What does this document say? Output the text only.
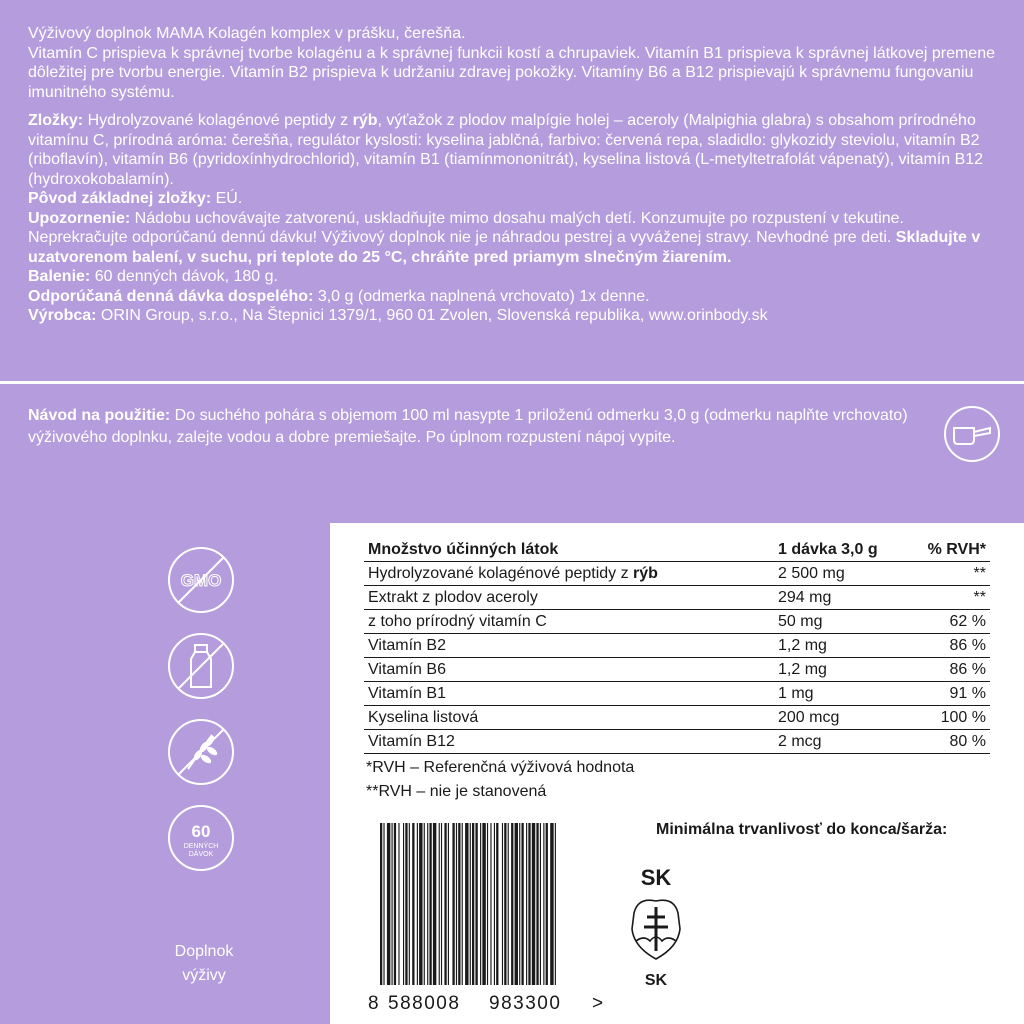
Výživový doplnok MAMA Kolagén komplex v prášku, čerešňa.
Vitamín C prispieva k správnej tvorbe kolagénu a k správnej funkcii kostí a chrupaviek. Vitamín B1 prispieva k správnej látkovej premene dôležitej pre tvorbu energie. Vitamín B2 prispieva k udržaniu zdravej pokožky. Vitamíny B6 a B12 prispievajú k správnemu fungovaniu imunitného systému.

Zložky: Hydrolyzované kolagénové peptidy z rýb, výťažok z plodov malpígie holej – aceroly (Malpighia glabra) s obsahom prírodného vitamínu C, prírodná aróma: čerešňa, regulátor kyslosti: kyselina jablčná, farbivo: červená repa, sladidlo: glykozidy steviolu, vitamín B2 (riboflavín), vitamín B6 (pyridoxínhydrochlorid), vitamín B1 (tiamínmononitrát), kyselina listová (L-metyltetrafolát vápenatý), vitamín B12 (hydroxokobalamín).

Pôvod základnej zložky: EÚ.

Upozornenie: Nádobu uchovávajte zatvorenú, uskladňujte mimo dosahu malých detí. Konzumujte po rozpustení v tekutine. Neprekračujte odporúčanú dennú dávku! Výživový doplnok nie je náhradou pestrej a vyváženej stravy. Nevhodné pre deti. Skladujte v uzatvorenom balení, v suchu, pri teplote do 25 °C, chráňte pred priamym slnečným žiarením.

Balenie: 60 denných dávok, 180 g.

Odporúčaná denná dávka dospelého: 3,0 g (odmerka naplnená vrchovato) 1x denne.

Výrobca: ORIN Group, s.r.o., Na Štepnici 1379/1, 960 01 Zvolen, Slovenská republika, www.orinbody.sk

Návod na použitie: Do suchého pohára s objemom 100 ml nasypte 1 priloženú odmerku 3,0 g (odmerku naplňte vrchovato) výživového doplnku, zalejte vodou a dobre premiešajte. Po úplnom rozpustení nápoj vypite.
GMO
60
DENNÝCH
DÁVOK
Doplnok
výživy
Množstvo účinných látok	1 dávka 3,0 g	% RVH*
Hydrolyzované kolagénové peptidy z rýb	2 500 mg	**
Extrakt z plodov aceroly	294 mg	**
z toho prírodný vitamín C	50 mg	62 %
Vitamín B2	1,2 mg	86 %
Vitamín B6	1,2 mg	86 %
Vitamín B1	1 mg	91 %
Kyselina listová	200 mcg	100 %
Vitamín B12	2 mcg	80 %
*RVH – Referenčná výživová hodnota
**RVH – nie je stanovená
Minimálna trvanlivosť do konca/šarža:
8 588008 983300 >
SK
SK
